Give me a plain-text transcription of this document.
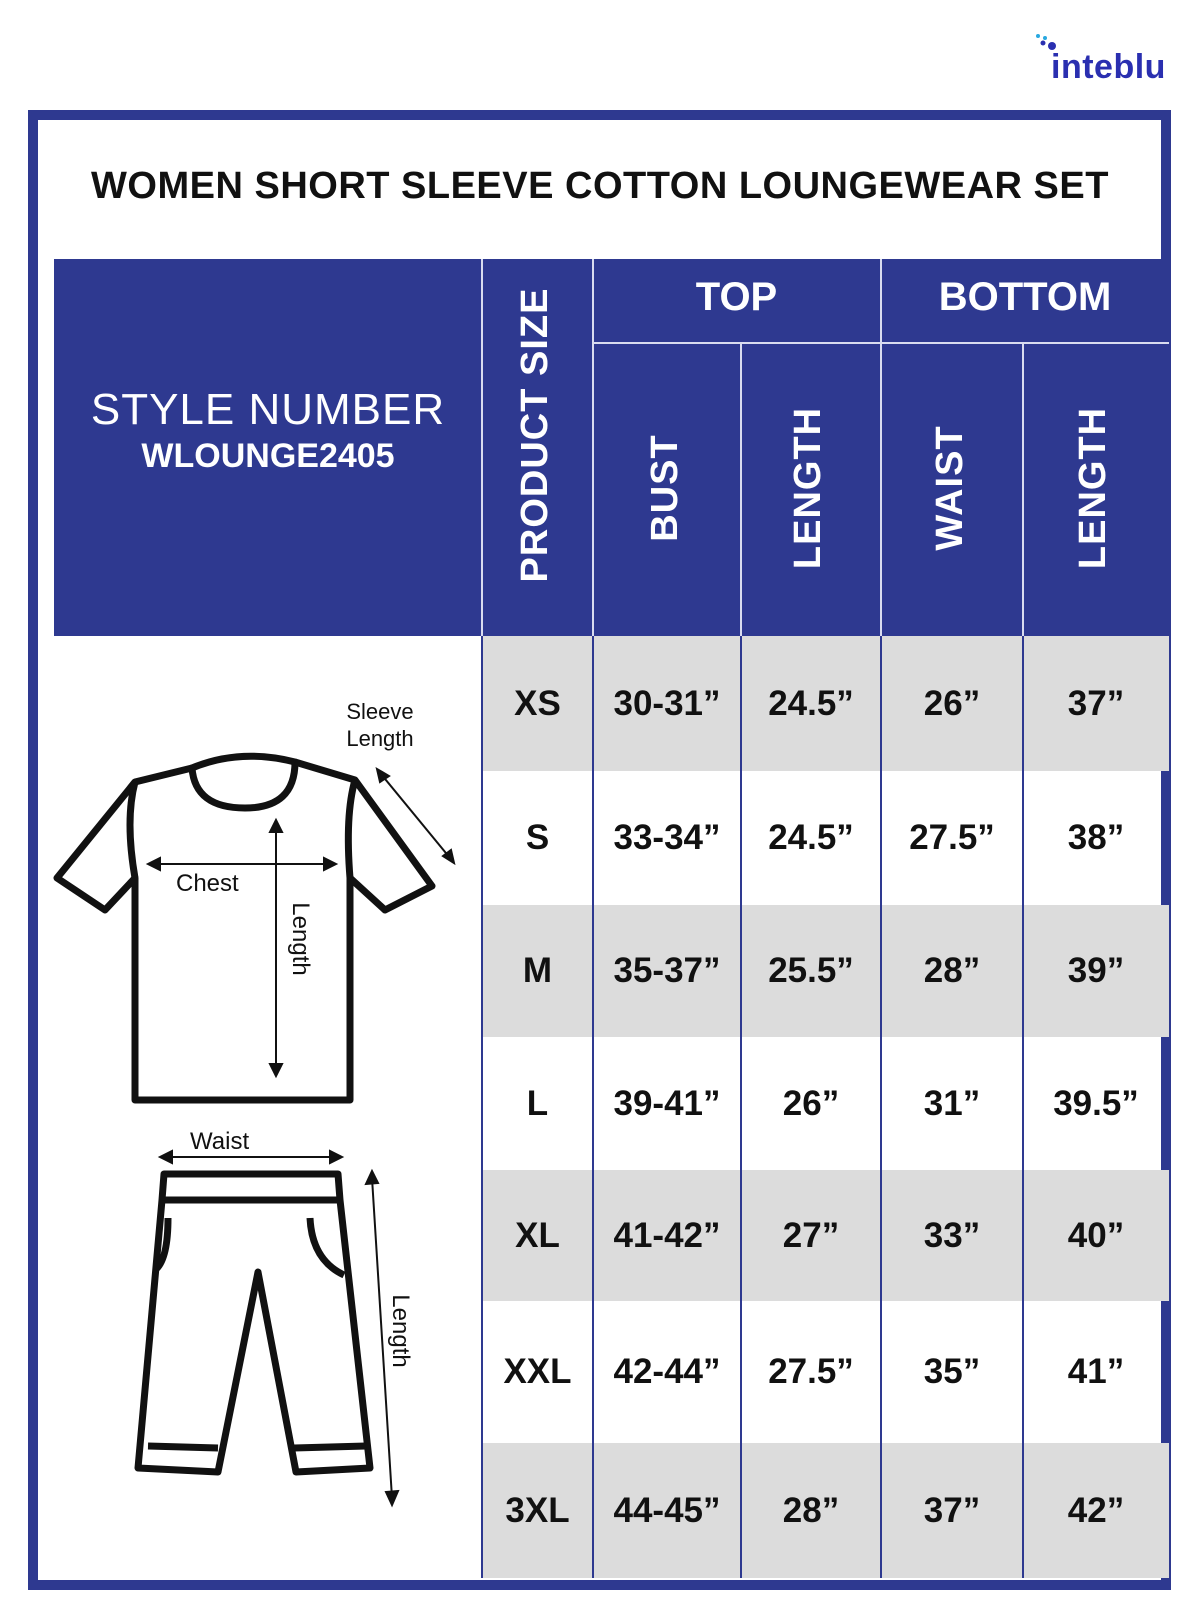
inteblu
WOMEN SHORT SLEEVE COTTON LOUNGEWEAR SET
STYLE NUMBER
WLOUNGE2405	PRODUCT SIZE	TOP	BOTTOM
BUST	LENGTH	WAIST	LENGTH
XS	30-31”	24.5”	26”	37”
S	33-34”	24.5”	27.5”	38”
M	35-37”	25.5”	28”	39”
L	39-41”	26”	31”	39.5”
XL	41-42”	27”	33”	40”
XXL	42-44”	27.5”	35”	41”
3XL	44-45”	28”	37”	42”
Sleeve Length
Chest
Length
Waist
Length
